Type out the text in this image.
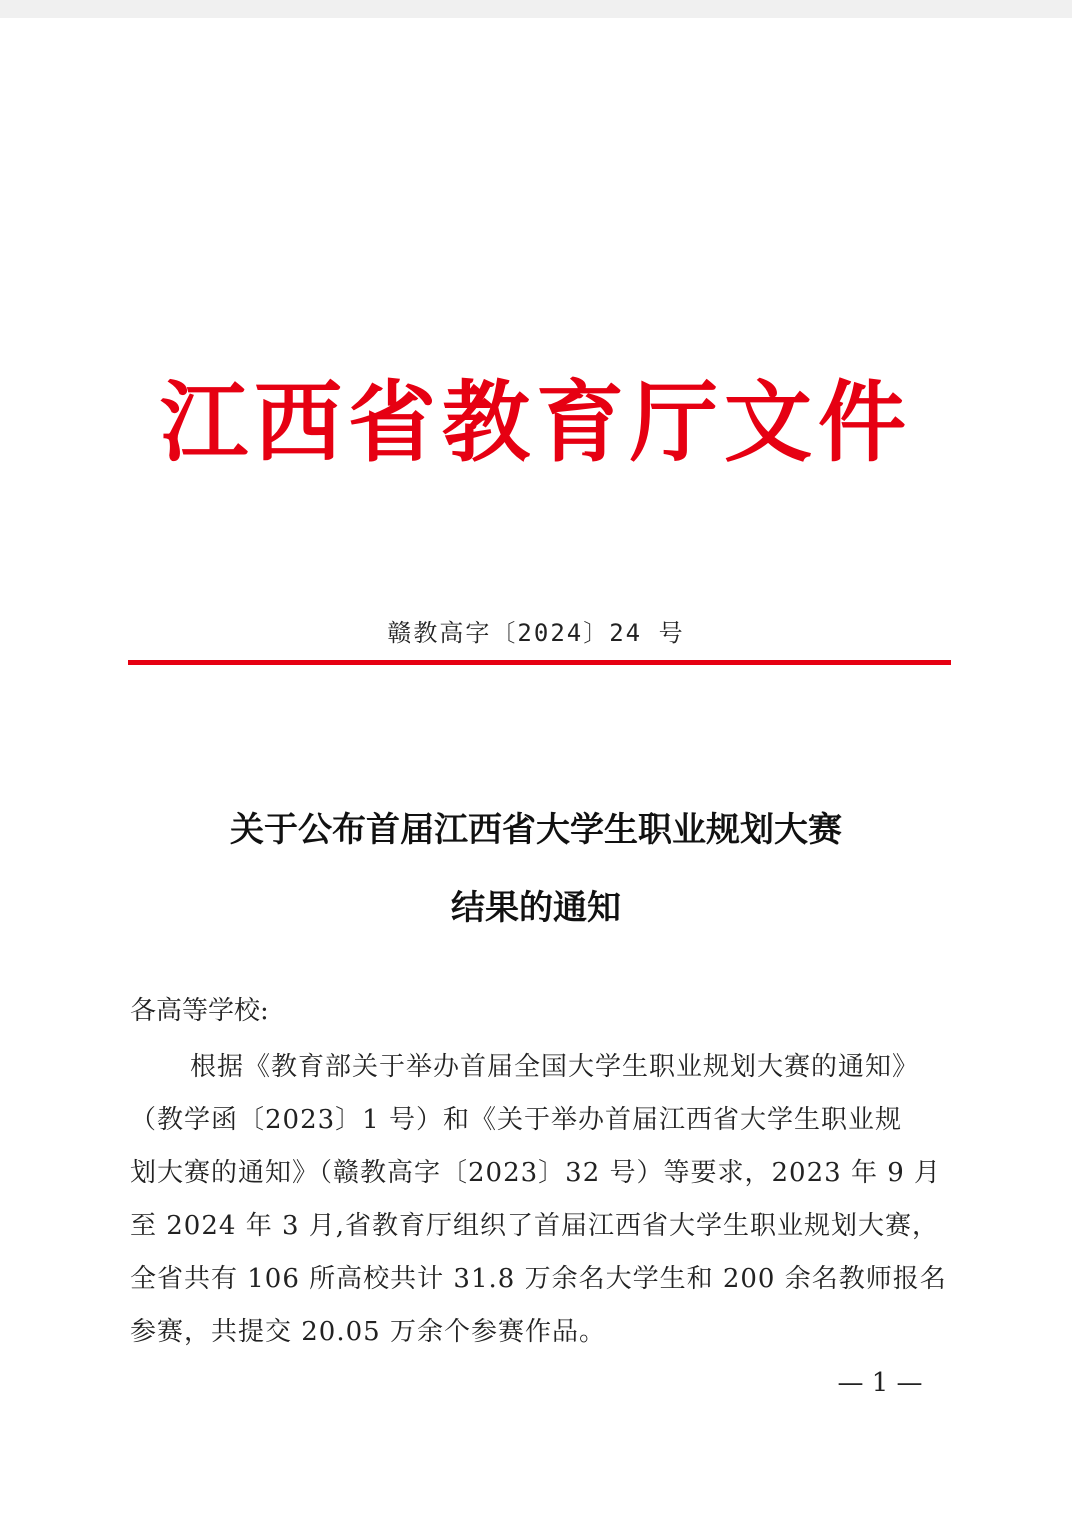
江西省教育厅文件
赣教高字〔2024〕24 号
关于公布首届江西省大学生职业规划大赛
结果的通知
各高等学校:
根据《教育部关于举办首届全国大学生职业规划大赛的通知》
（教学函〔2023〕1 号）和《关于举办首届江西省大学生职业规
划大赛的通知》（赣教高字〔2023〕32 号）等要求，2023 年 9 月
至 2024 年 3 月,省教育厅组织了首届江西省大学生职业规划大赛，
全省共有 106 所高校共计 31.8 万余名大学生和 200 余名教师报名
参赛，共提交 20.05 万余个参赛作品。
— 1 —
